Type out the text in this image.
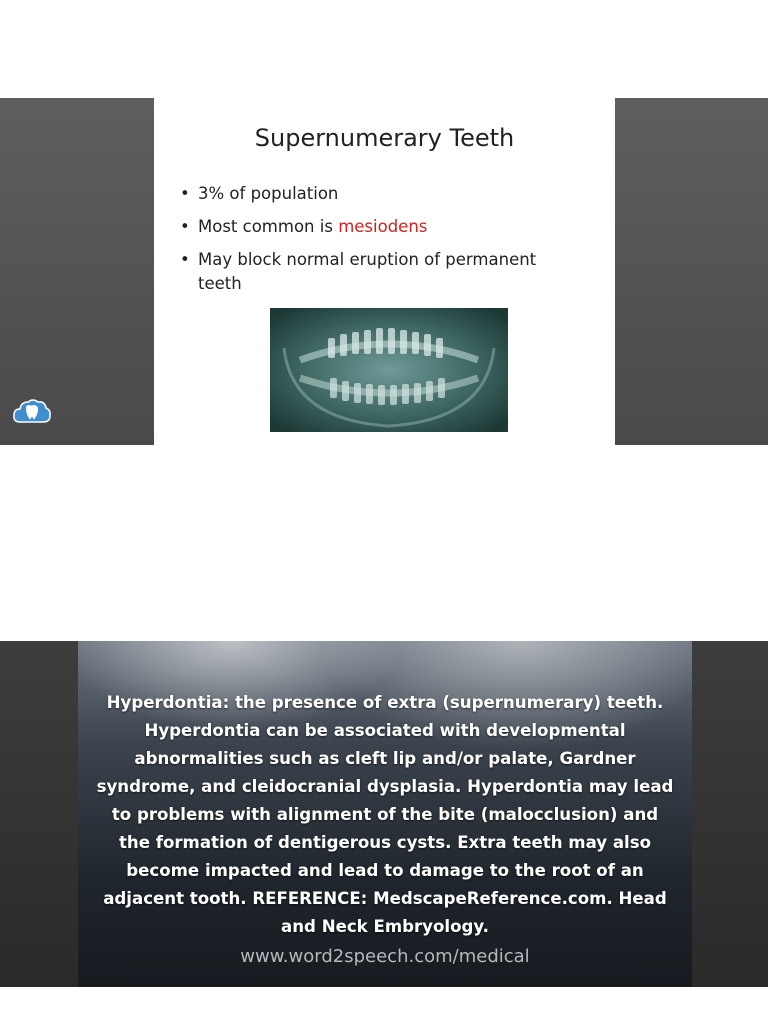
Supernumerary Teeth
• 3% of population
• Most common is mesiodens
• May block normal eruption of permanent teeth
Hyperdontia: the presence of extra (supernumerary) teeth. Hyperdontia can be associated with developmental abnormalities such as cleft lip and/or palate, Gardner syndrome, and cleidocranial dysplasia. Hyperdontia may lead to problems with alignment of the bite (malocclusion) and the formation of dentigerous cysts. Extra teeth may also become impacted and lead to damage to the root of an adjacent tooth. REFERENCE: MedscapeReference.com. Head and Neck Embryology.
www.word2speech.com/medical
